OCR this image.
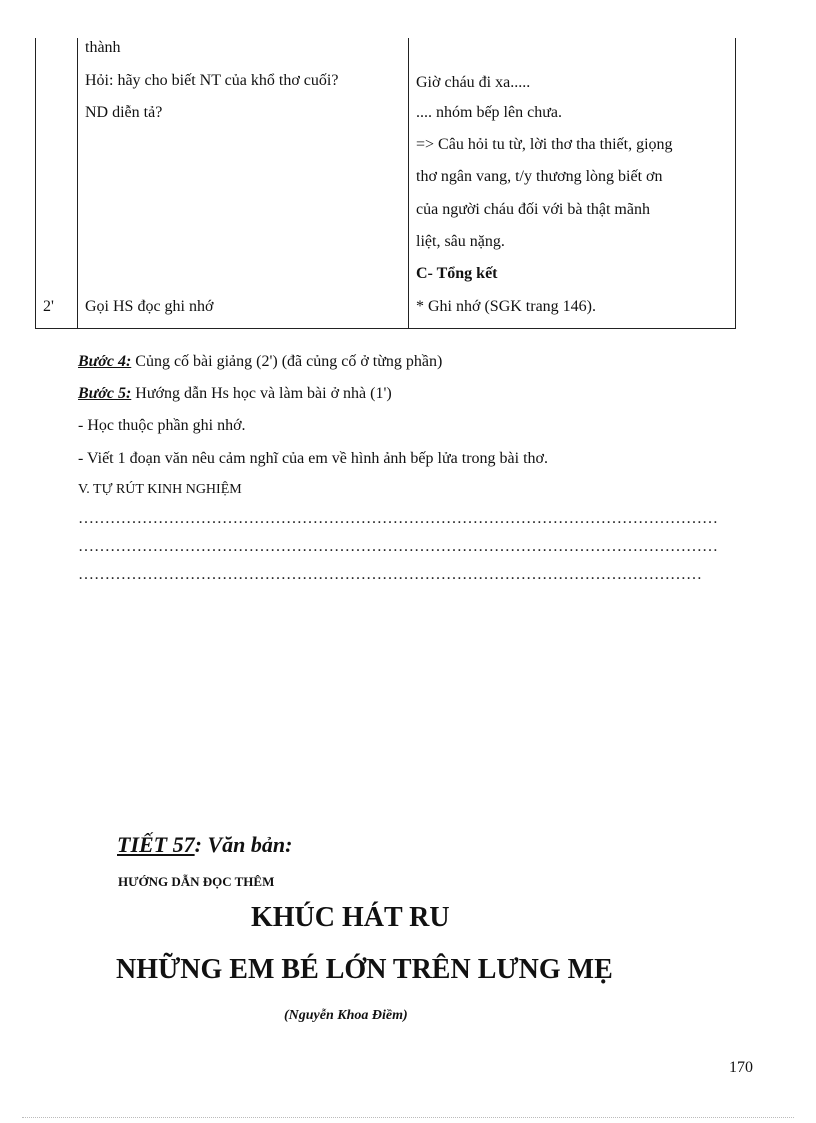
thành
Hỏi: hãy cho biết NT của khổ thơ cuối?	Giờ cháu đi xa.....
ND diễn tả?	.... nhóm bếp lên chưa.
=> Câu hỏi tu từ, lời thơ tha thiết, giọng
thơ ngân vang, t/y thương lòng biết ơn
của người cháu đối với bà thật mãnh
liệt, sâu nặng.
C- Tổng kết
2' Gọi HS đọc ghi nhớ	* Ghi nhớ (SGK trang 146).
Bước 4: Củng cố bài giảng (2') (đã củng cố ở từng phần)
Bước 5: Hướng dẫn Hs học và làm bài ở nhà (1')
- Học thuộc phần ghi nhớ.
- Viết 1 đoạn văn nêu cảm nghĩ của em về hình ảnh bếp lửa trong bài thơ.
V. TỰ RÚT KINH NGHIỆM
…………………………………………………………………………………………………………
…………………………………………………………………………………………………………
………………………………………………………………………………………………………
TIẾT 57: Văn bản:
HƯỚNG DẪN ĐỌC THÊM
KHÚC HÁT RU
NHỮNG EM BÉ LỚN TRÊN LƯNG MẸ
(Nguyễn Khoa Điềm)
170
